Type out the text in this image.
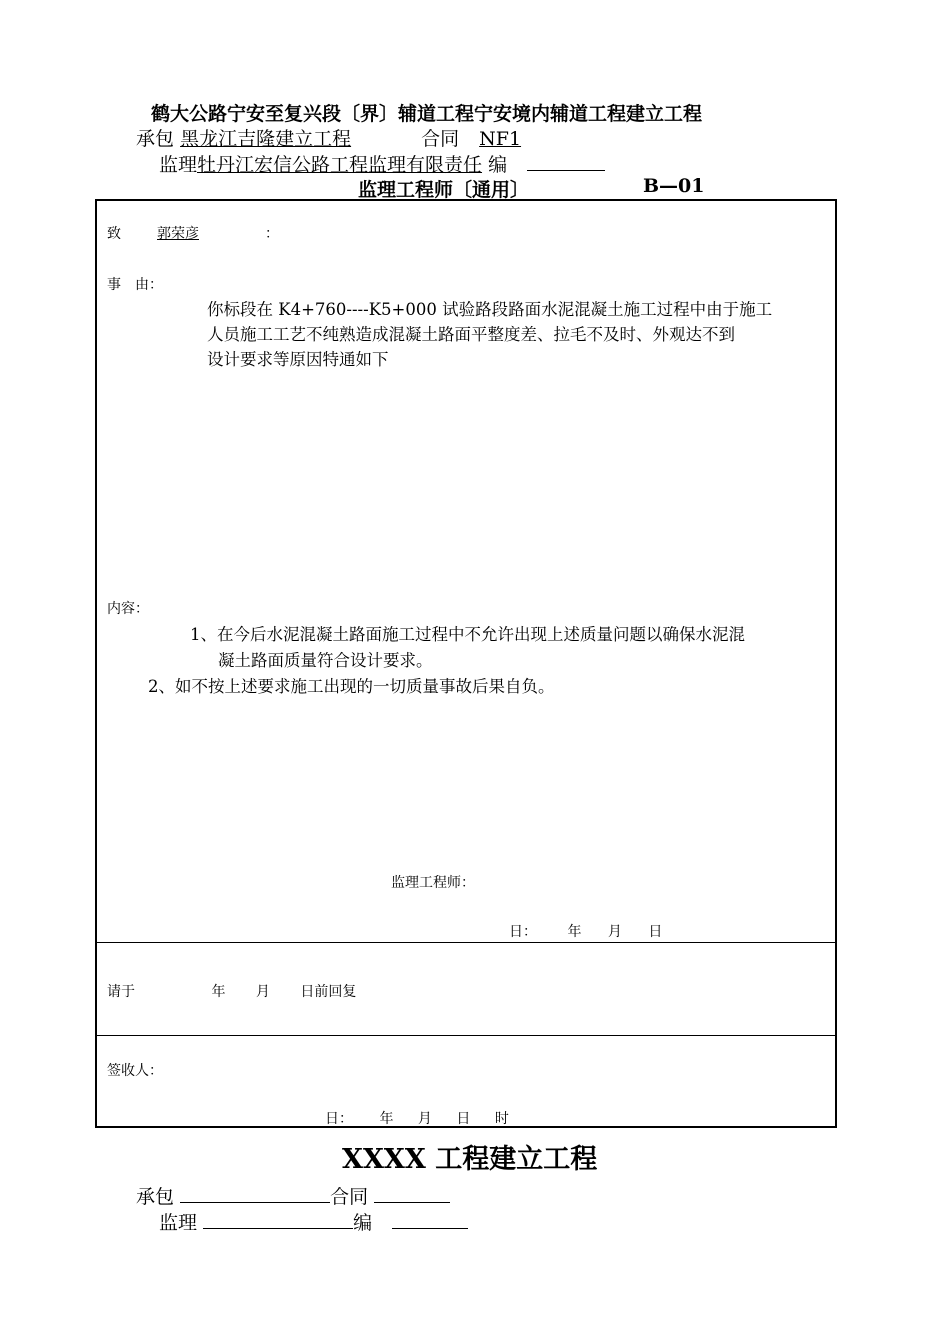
鹤大公路宁安至复兴段〔界〕辅道工程宁安境内辅道工程建立工程
承包 黑龙江吉隆建立工程	合同 NF1
监理牡丹江宏信公路工程监理有限责任 编
监理工程师〔通用〕	B—01
致	郭荣彦	：
事　由：
你标段在 K4+760----K5+000 试验路段路面水泥混凝土施工过程中由于施工
人员施工工艺不纯熟造成混凝土路面平整度差、拉毛不及时、外观达不到
设计要求等原因特通如下
内容：
1、在今后水泥混凝土路面施工过程中不允许出现上述质量问题以确保水泥混
凝土路面质量符合设计要求。
2、如不按上述要求施工出现的一切质量事故后果自负。
监理工程师：
日： 年 月 日
请于	年 月 日前回复
签收人：
日： 年 月 日 时
XXXX 工程建立工程
承包	合同
监理	编
